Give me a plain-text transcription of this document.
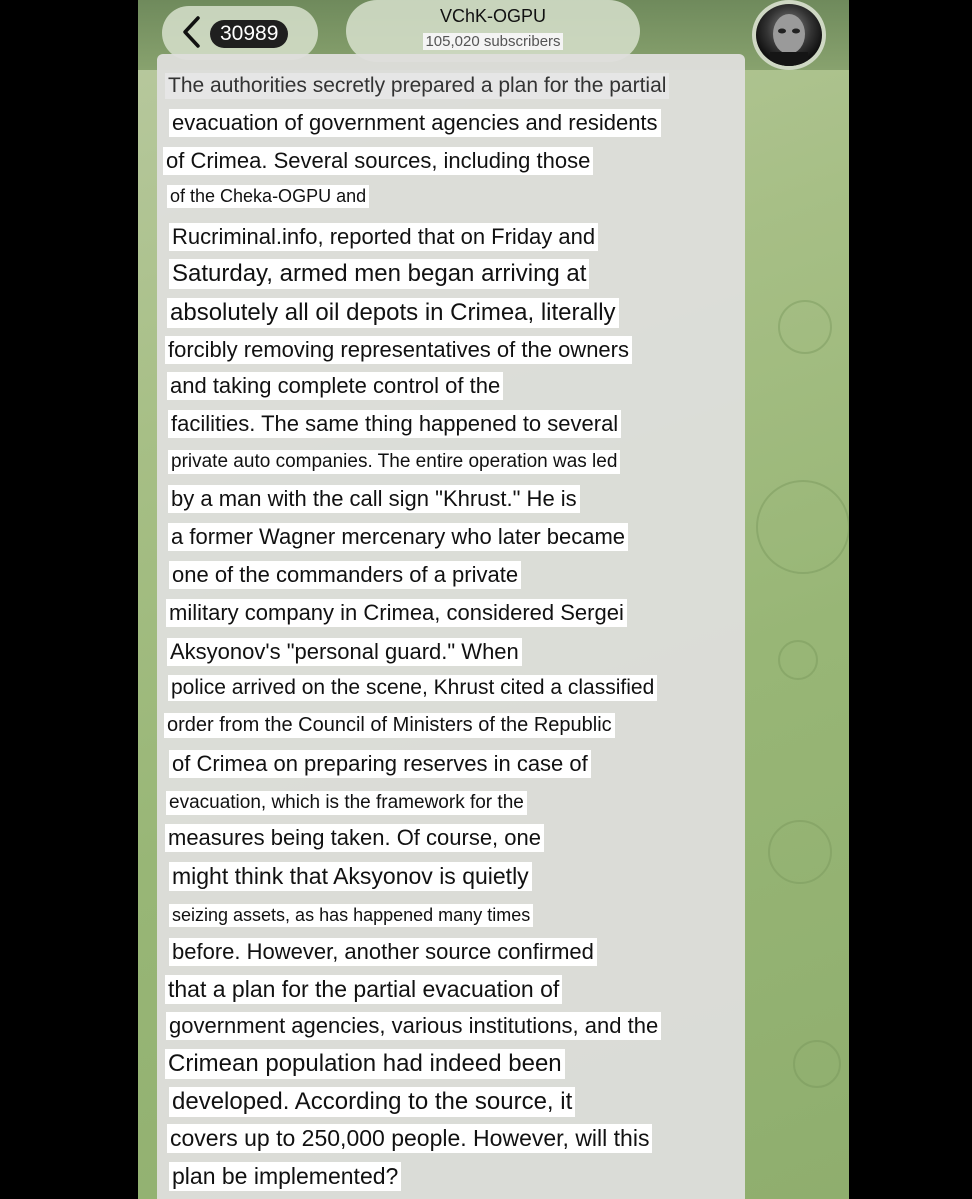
30989
VChK-OGPU
105,020 subscribers
The authorities secretly prepared a plan for the partial
evacuation of government agencies and residents
of Crimea. Several sources, including those
of the Cheka-OGPU and
Rucriminal.info, reported that on Friday and
Saturday, armed men began arriving at
absolutely all oil depots in Crimea, literally
forcibly removing representatives of the owners
and taking complete control of the
facilities. The same thing happened to several
private auto companies. The entire operation was led
by a man with the call sign "Khrust." He is
a former Wagner mercenary who later became
one of the commanders of a private
military company in Crimea, considered Sergei
Aksyonov's "personal guard." When
police arrived on the scene, Khrust cited a classified
order from the Council of Ministers of the Republic
of Crimea on preparing reserves in case of
evacuation, which is the framework for the
measures being taken. Of course, one
might think that Aksyonov is quietly
seizing assets, as has happened many times
before. However, another source confirmed
that a plan for the partial evacuation of
government agencies, various institutions, and the
Crimean population had indeed been
developed. According to the source, it
covers up to 250,000 people. However, will this
plan be implemented?
